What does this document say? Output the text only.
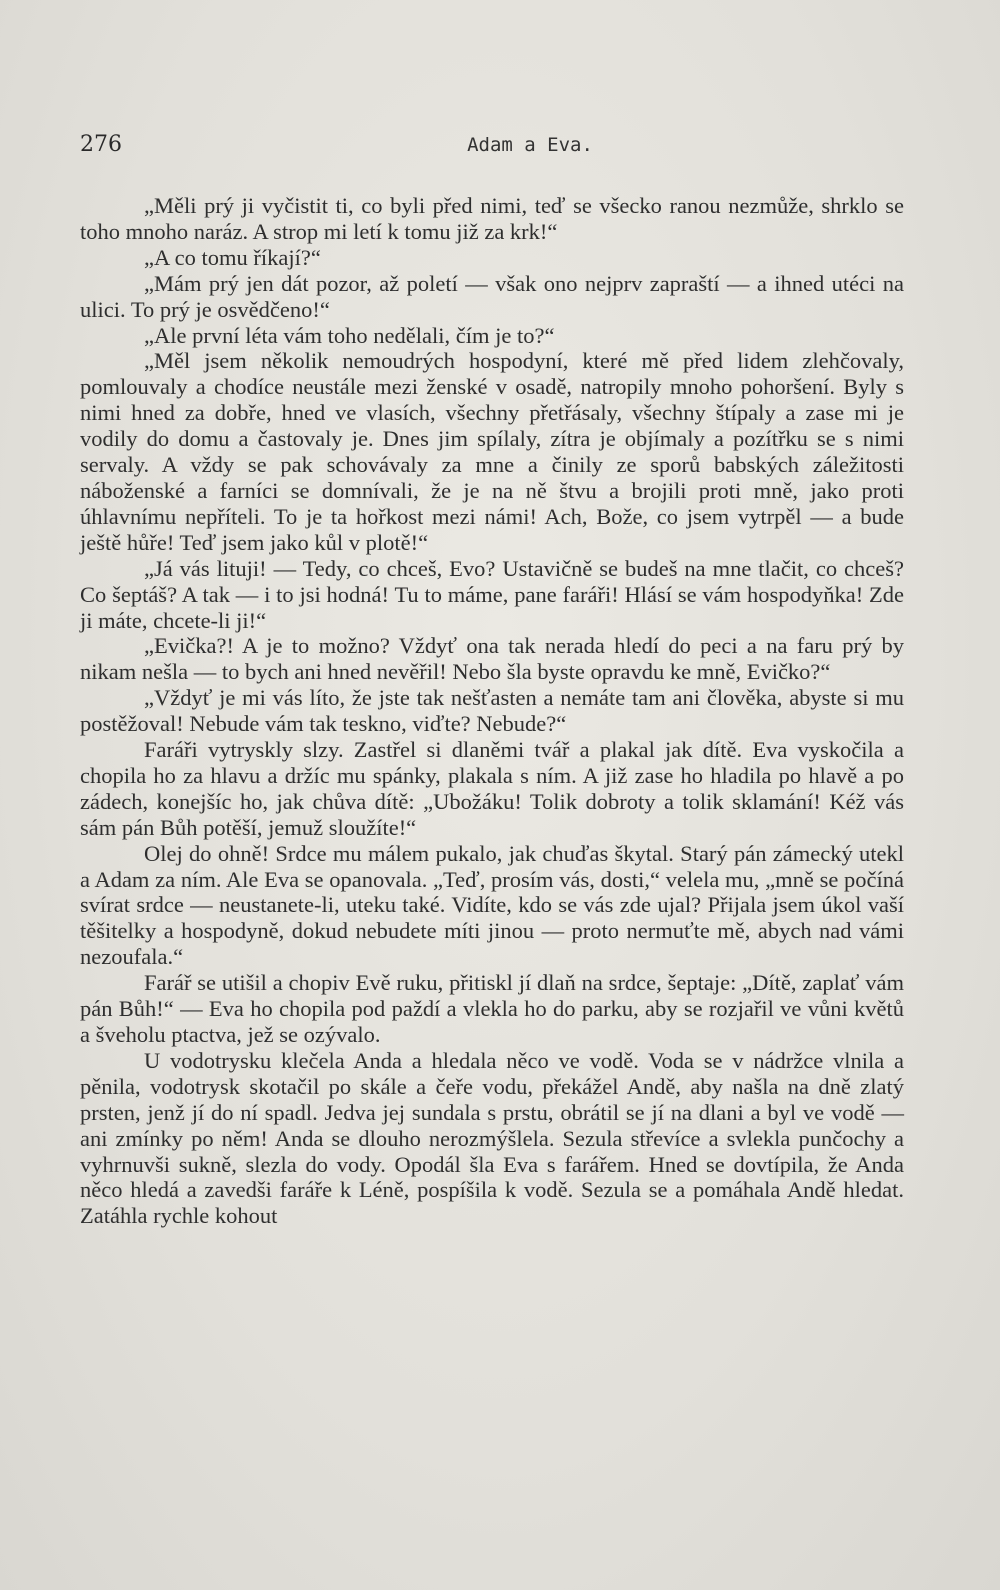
276	Adam a Eva.

„Měli prý ji vyčistit ti, co byli před nimi, teď se všecko ranou nezmůže, shrklo se toho mnoho naráz. A strop mi letí k tomu již za krk!“

„A co tomu říkají?“

„Mám prý jen dát pozor, až poletí — však ono nejprv zapraští — a ihned utéci na ulici. To prý je osvědčeno!“

„Ale první léta vám toho nedělali, čím je to?“

„Měl jsem několik nemoudrých hospodyní, které mě před lidem zlehčovaly, pomlouvaly a chodíce neustále mezi ženské v osadě, natropily mnoho pohoršení. Byly s nimi hned za dobře, hned ve vlasích, všechny přetřásaly, všechny štípaly a zase mi je vodily do domu a častovaly je. Dnes jim spílaly, zítra je objímaly a pozítřku se s nimi servaly. A vždy se pak schovávaly za mne a činily ze sporů babských záležitosti náboženské a farníci se domnívali, že je na ně štvu a brojili proti mně, jako proti úhlavnímu nepříteli. To je ta hořkost mezi námi! Ach, Bože, co jsem vytrpěl — a bude ještě hůře! Teď jsem jako kůl v plotě!“

„Já vás lituji! — Tedy, co chceš, Evo? Ustavičně se budeš na mne tlačit, co chceš? Co šeptáš? A tak — i to jsi hodná! Tu to máme, pane faráři! Hlásí se vám hospodyňka! Zde ji máte, chcete-li ji!“

„Evička?! A je to možno? Vždyť ona tak nerada hledí do peci a na faru prý by nikam nešla — to bych ani hned nevěřil! Nebo šla byste opravdu ke mně, Evičko?“

„Vždyť je mi vás líto, že jste tak nešťasten a nemáte tam ani člověka, abyste si mu postěžoval! Nebude vám tak teskno, viďte? Nebude?“

Faráři vytryskly slzy. Zastřel si dlaněmi tvář a plakal jak dítě. Eva vyskočila a chopila ho za hlavu a držíc mu spánky, plakala s ním. A již zase ho hladila po hlavě a po zádech, konejšíc ho, jak chůva dítě: „Ubožáku! Tolik dobroty a tolik sklamání! Kéž vás sám pán Bůh potěší, jemuž sloužíte!“

Olej do ohně! Srdce mu málem pukalo, jak chuďas škytal. Starý pán zámecký utekl a Adam za ním. Ale Eva se opanovala. „Teď, prosím vás, dosti,“ velela mu, „mně se počíná svírat srdce — neustanete-li, uteku také. Vidíte, kdo se vás zde ujal? Přijala jsem úkol vaší těšitelky a hospodyně, dokud nebudete míti jinou — proto nermuťte mě, abych nad vámi nezoufala.“

Farář se utišil a chopiv Evě ruku, přitiskl jí dlaň na srdce, šeptaje: „Dítě, zaplať vám pán Bůh!“ — Eva ho chopila pod paždí a vlekla ho do parku, aby se rozjařil ve vůni květů a šveholu ptactva, jež se ozývalo.

U vodotrysku klečela Anda a hledala něco ve vodě. Voda se v nádržce vlnila a pěnila, vodotrysk skotačil po skále a čeře vodu, překážel Andě, aby našla na dně zlatý prsten, jenž jí do ní spadl. Jedva jej sundala s prstu, obrátil se jí na dlani a byl ve vodě — ani zmínky po něm! Anda se dlouho nerozmýšlela. Sezula střevíce a svlekla punčochy a vyhrnuvši sukně, slezla do vody. Opodál šla Eva s farářem. Hned se dovtípila, že Anda něco hledá a zavedši faráře k Léně, pospíšila k vodě. Sezula se a pomáhala Andě hledat. Zatáhla rychle kohout
